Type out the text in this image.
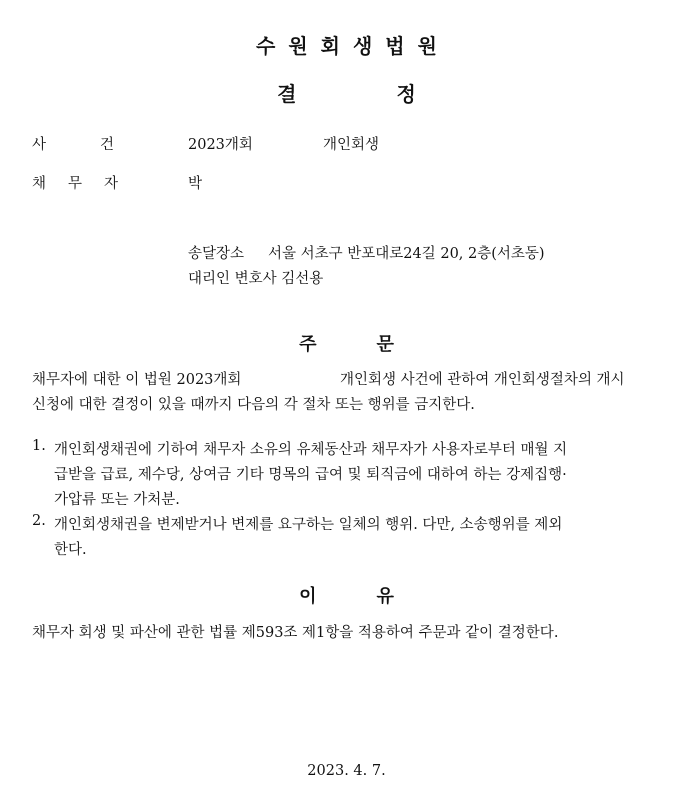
수원회생법원
결정
사건 2023개회	개인회생
채무자	박
송달장소 서울 서초구 반포대로24길 20, 2층(서초동)
대리인 변호사 김선용
주문
채무자에 대한 이 법원 2023개회	개인회생 사건에 관하여 개인회생절차의 개시
신청에 대한 결정이 있을 때까지 다음의 각 절차 또는 행위를 금지한다.
1. 개인회생채권에 기하여 채무자 소유의 유체동산과 채무자가 사용자로부터 매월 지
급받을 급료, 제수당, 상여금 기타 명목의 급여 및 퇴직금에 대하여 하는 강제집행·
가압류 또는 가처분.
2. 개인회생채권을 변제받거나 변제를 요구하는 일체의 행위. 다만, 소송행위를 제외
한다.
이유
채무자 회생 및 파산에 관한 법률 제593조 제1항을 적용하여 주문과 같이 결정한다.
2023. 4. 7.
